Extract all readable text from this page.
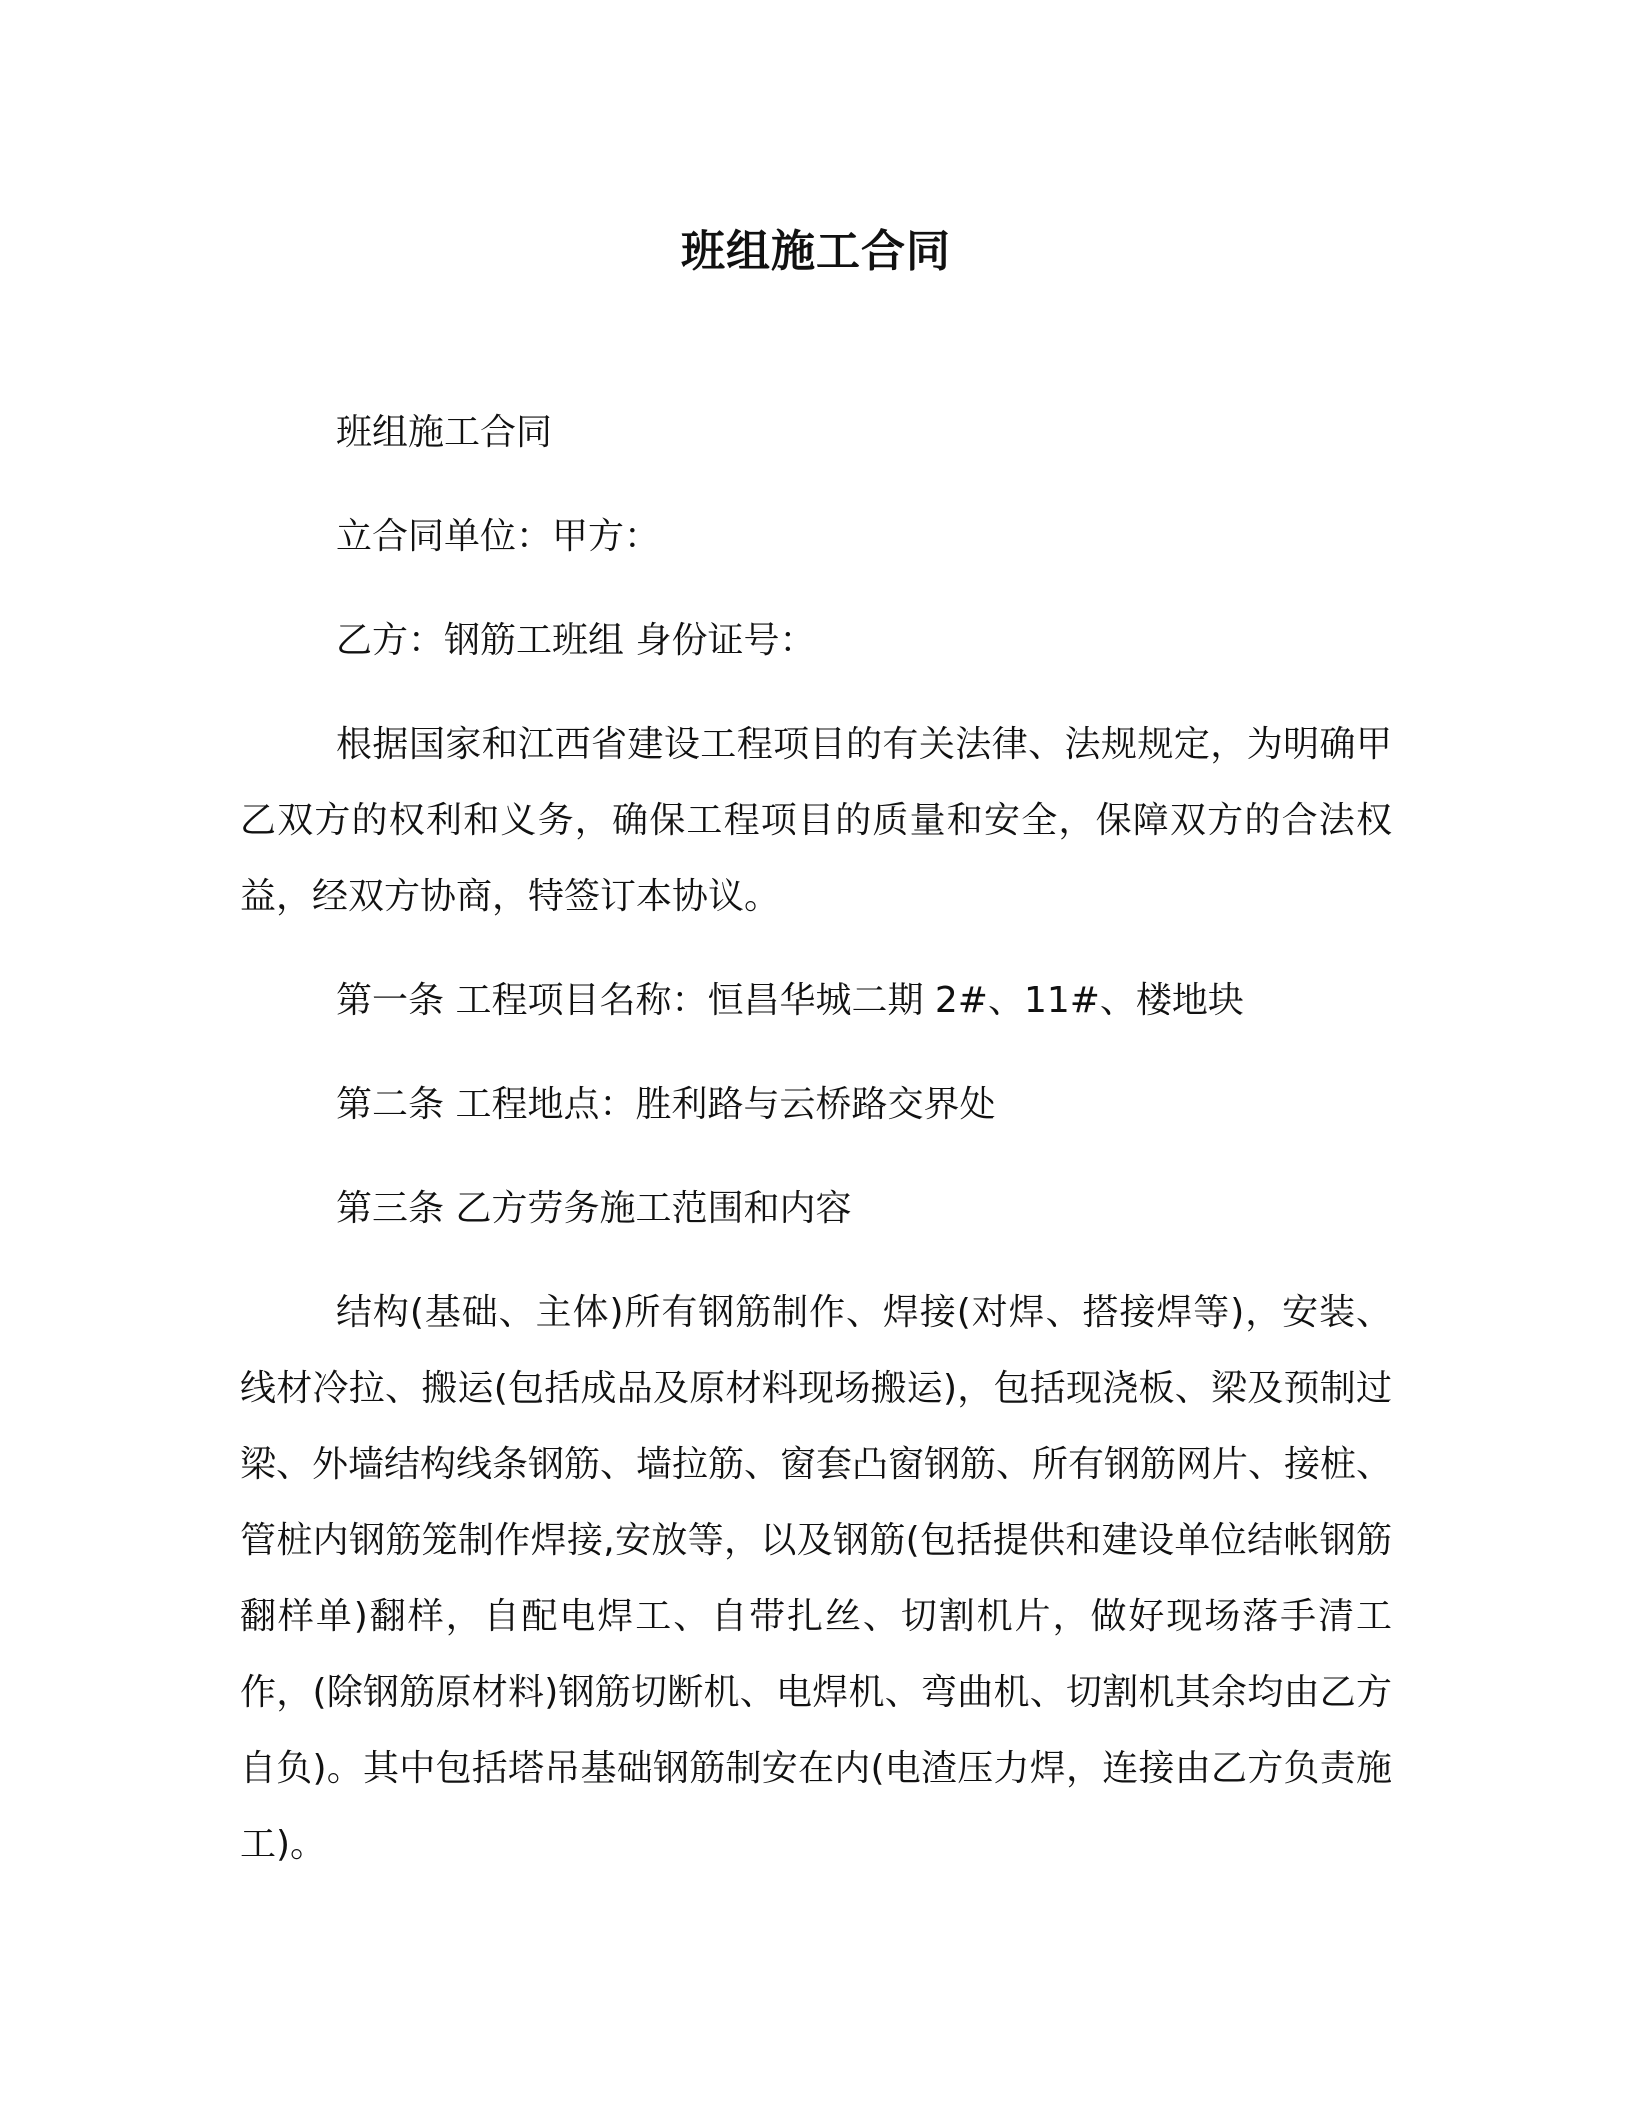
班组施工合同

班组施工合同

立合同单位：甲方：

乙方：钢筋工班组 身份证号：

根据国家和江西省建设工程项目的有关法律、法规规定，为明确甲乙双方的权利和义务，确保工程项目的质量和安全，保障双方的合法权益，经双方协商，特签订本协议。

第一条 工程项目名称：恒昌华城二期 2#、11#、楼地块

第二条 工程地点：胜利路与云桥路交界处

第三条 乙方劳务施工范围和内容

结构(基础、主体)所有钢筋制作、焊接(对焊、搭接焊等)，安装、线材冷拉、搬运(包括成品及原材料现场搬运)，包括现浇板、梁及预制过梁、外墙结构线条钢筋、墙拉筋、窗套凸窗钢筋、所有钢筋网片、接桩、管桩内钢筋笼制作焊接,安放等，以及钢筋(包括提供和建设单位结帐钢筋翻样单)翻样，自配电焊工、自带扎丝、切割机片，做好现场落手清工作，(除钢筋原材料)钢筋切断机、电焊机、弯曲机、切割机其余均由乙方自负)。其中包括塔吊基础钢筋制安在内(电渣压力焊，连接由乙方负责施工)。
